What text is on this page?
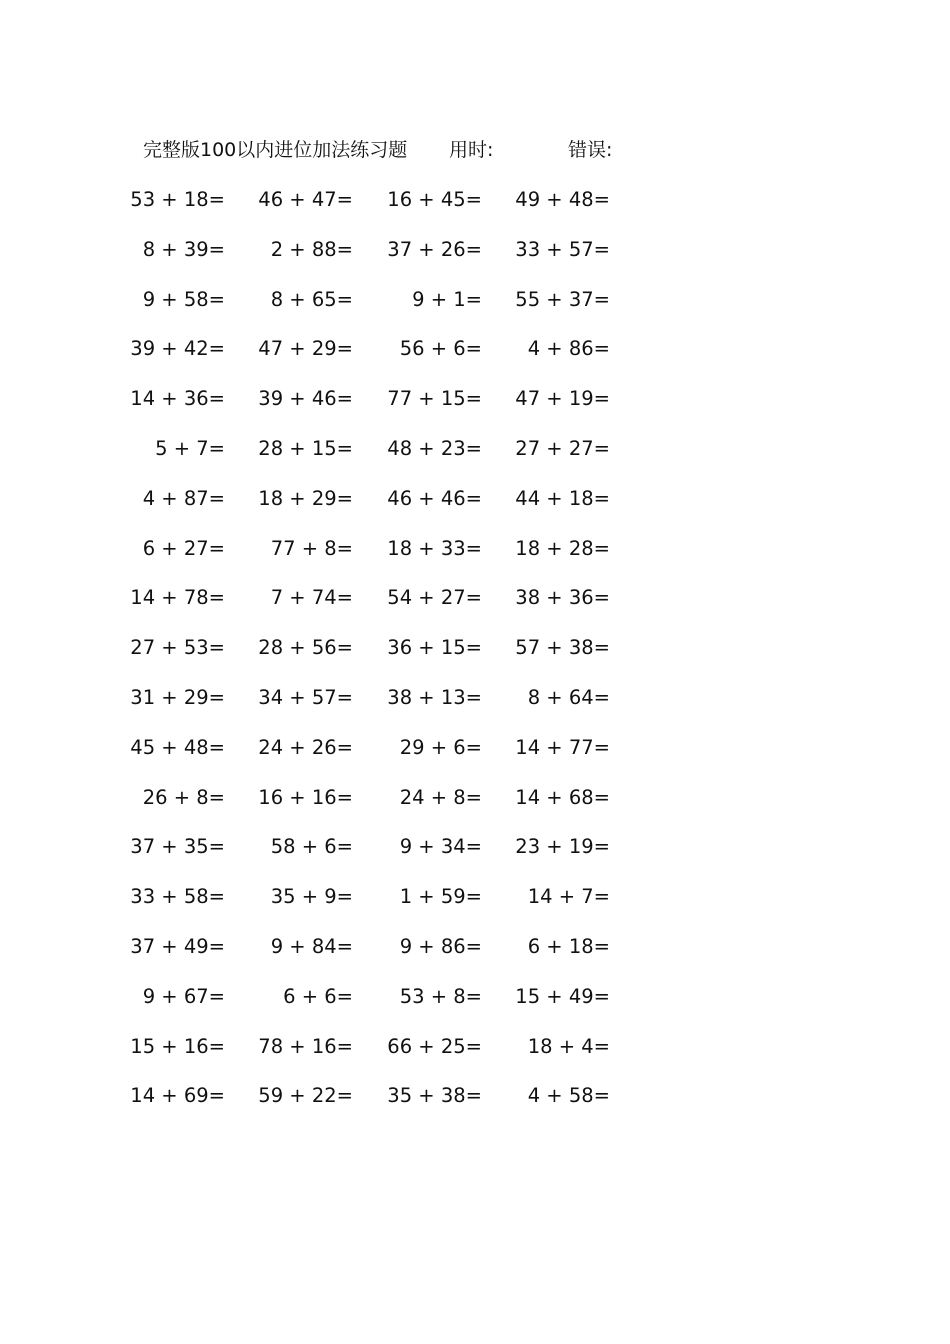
完整版100以内进位加法练习题 用时:	错误:
53 + 18=	46 + 47=	16 + 45=	49 + 48=
8 + 39=	2 + 88=	37 + 26=	33 + 57=
9 + 58=	8 + 65=	9 + 1=	55 + 37=
39 + 42=	47 + 29=	56 + 6=	4 + 86=
14 + 36=	39 + 46=	77 + 15=	47 + 19=
5 + 7=	28 + 15=	48 + 23=	27 + 27=
4 + 87=	18 + 29=	46 + 46=	44 + 18=
6 + 27=	77 + 8=	18 + 33=	18 + 28=
14 + 78=	7 + 74=	54 + 27=	38 + 36=
27 + 53=	28 + 56=	36 + 15=	57 + 38=
31 + 29=	34 + 57=	38 + 13=	8 + 64=
45 + 48=	24 + 26=	29 + 6=	14 + 77=
26 + 8=	16 + 16=	24 + 8=	14 + 68=
37 + 35=	58 + 6=	9 + 34=	23 + 19=
33 + 58=	35 + 9=	1 + 59=	14 + 7=
37 + 49=	9 + 84=	9 + 86=	6 + 18=
9 + 67=	6 + 6=	53 + 8=	15 + 49=
15 + 16=	78 + 16=	66 + 25=	18 + 4=
14 + 69=	59 + 22=	35 + 38=	4 + 58=
